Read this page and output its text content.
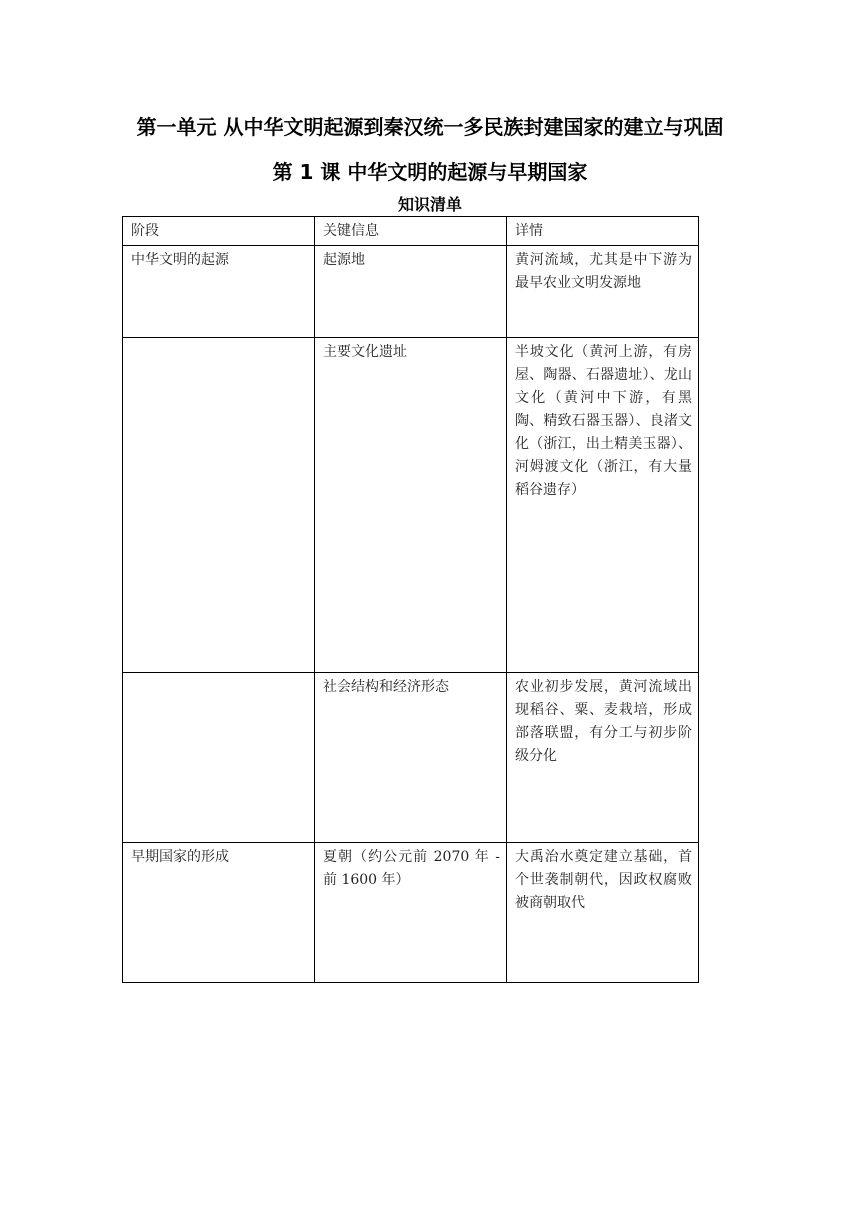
第一单元 从中华文明起源到秦汉统一多民族封建国家的建立与巩固
第 1 课 中华文明的起源与早期国家
知识清单
阶段	关键信息	详情
中华文明的起源	起源地	黄河流域，尤其是中下游为最早农业文明发源地
	主要文化遗址	半坡文化（黄河上游，有房屋、陶器、石器遗址）、龙山文化（黄河中下游，有黑陶、精致石器玉器）、良渚文化（浙江，出土精美玉器）、河姆渡文化（浙江，有大量稻谷遗存）
	社会结构和经济形态	农业初步发展，黄河流域出现稻谷、粟、麦栽培，形成部落联盟，有分工与初步阶级分化
早期国家的形成	夏朝（约公元前 2070 年 - 前 1600 年）	大禹治水奠定建立基础，首个世袭制朝代，因政权腐败被商朝取代
